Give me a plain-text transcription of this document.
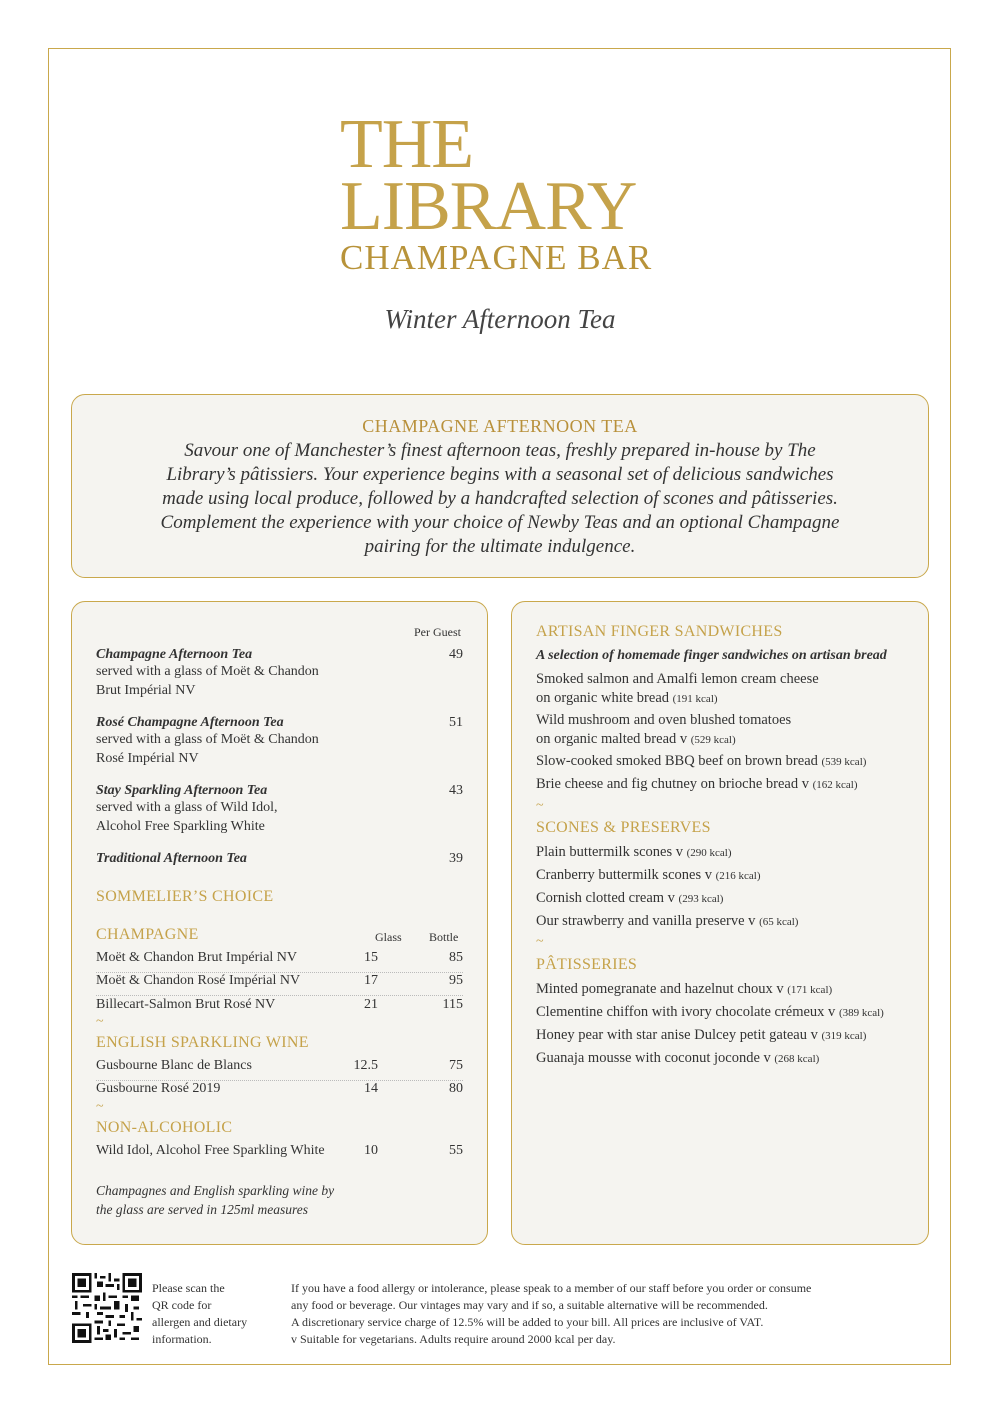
THE
LIBRARY
CHAMPAGNE BAR
Winter Afternoon Tea
CHAMPAGNE AFTERNOON TEA
Savour one of Manchester’s finest afternoon teas, freshly prepared in-house by The Library’s pâtissiers. Your experience begins with a seasonal set of delicious sandwiches made using local produce, followed by a handcrafted selection of scones and pâtisseries. Complement the experience with your choice of Newby Teas and an optional Champagne pairing for the ultimate indulgence.
Per Guest
Champagne Afternoon Tea
served with a glass of Moët & Chandon
Brut Impérial NV
49
Rosé Champagne Afternoon Tea
served with a glass of Moët & Chandon
Rosé Impérial NV
51
Stay Sparkling Afternoon Tea
served with a glass of Wild Idol,
Alcohol Free Sparkling White
43
Traditional Afternoon Tea	39
SOMMELIER’S CHOICE
CHAMPAGNE	Glass Bottle
Moët & Chandon Brut Impérial NV	15	85
Moët & Chandon Rosé Impérial NV	17	95
Billecart-Salmon Brut Rosé NV	21	115
~
ENGLISH SPARKLING WINE
Gusbourne Blanc de Blancs	12.5	75
Gusbourne Rosé 2019	14	80
~
NON-ALCOHOLIC
Wild Idol, Alcohol Free Sparkling White	10	55
Champagnes and English sparkling wine by
the glass are served in 125ml measures
ARTISAN FINGER SANDWICHES
A selection of homemade finger sandwiches on artisan bread
Smoked salmon and Amalfi lemon cream cheese
on organic white bread (191 kcal)
Wild mushroom and oven blushed tomatoes
on organic malted bread v (529 kcal)
Slow-cooked smoked BBQ beef on brown bread (539 kcal)
Brie cheese and fig chutney on brioche bread v (162 kcal)
~
SCONES & PRESERVES
Plain buttermilk scones v (290 kcal)
Cranberry buttermilk scones v (216 kcal)
Cornish clotted cream v (293 kcal)
Our strawberry and vanilla preserve v (65 kcal)
~
PÂTISSERIES
Minted pomegranate and hazelnut choux v (171 kcal)
Clementine chiffon with ivory chocolate crémeux v (389 kcal)
Honey pear with star anise Dulcey petit gateau v (319 kcal)
Guanaja mousse with coconut joconde v (268 kcal)
Please scan the
QR code for
allergen and dietary
information.
If you have a food allergy or intolerance, please speak to a member of our staff before you order or consume
any food or beverage. Our vintages may vary and if so, a suitable alternative will be recommended.
A discretionary service charge of 12.5% will be added to your bill. All prices are inclusive of VAT.
v Suitable for vegetarians. Adults require around 2000 kcal per day.
